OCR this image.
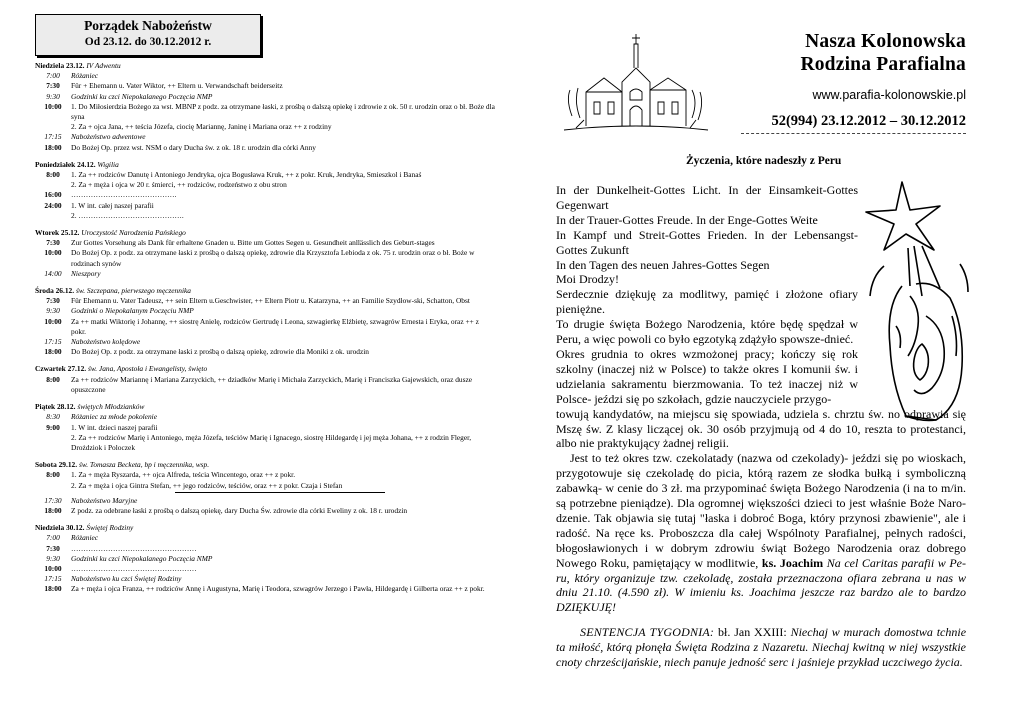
Porządek Nabożeństw
Od 23.12. do 30.12.2012 r.
Niedziela 23.12. IV Adwentu
7:00	Różaniec
7:30	Für + Ehemann u. Vater Wiktor, ++ Eltern u. Verwandschaft beiderseitz
9:30	Godzinki ku czci Niepokalanego Poczęcia NMP
10:00	1. Do Miłosierdzia Bożego za wst. MBNP z podz. za otrzymane łaski, z prośbą o dalszą opiekę i zdrowie z ok. 50 r. urodzin oraz o bł. Boże dla syna
2. Za + ojca Jana, ++ teścia Józefa, ciocię Mariannę, Janinę i Mariana oraz ++ z rodziny
17:15	Nabożeństwo adwentowe
18:00	Do Bożej Op. przez wst. NSM o dary Ducha św. z ok. 18 r. urodzin dla córki Anny
Poniedziałek 24.12. Wigilia
8:00	1. Za ++ rodziców Danutę i Antoniego Jendryka, ojca Bogusława Kruk, ++ z pokr. Kruk, Jendryka, Smieszkol i Banaś
2. Za + męża i ojca w 20 r. śmierci, ++ rodziców, rodzeństwo z obu stron
16:00	…………………………………….
24:00	1. W int. całej naszej parafii
2. …………………………………….
Wtorek 25.12. Uroczystość Narodzenia Pańskiego
7:30	Zur Gottes Vorsehung als Dank für erhaltene Gnaden u. Bitte um Gottes Segen u. Gesundheit anllässlich des Geburt-stages
10:00	Do Bożej Op. z podz. za otrzymane łaski z prośbą o dalszą opiekę, zdrowie dla Krzysztofa Lebioda z ok. 75 r. urodzin oraz o bł. Boże w rodzinach synów
14:00	Nieszpory
Środa 26.12. św. Szczepana, pierwszego męczennika
7:30	Für Ehemann u. Vater Tadeusz, ++ sein Eltern u.Geschwister, ++ Eltern Piotr u. Katarzyna, ++ an Familie Szydłow-ski, Schatton, Obst
9:30	Godzinki o Niepokalanym Poczęciu NMP
10:00	Za ++ matki Wiktorię i Johannę, ++ siostrę Anielę, rodziców Gertrudę i Leona, szwagierkę Elżbietę, szwagrów Ernesta i Eryka, oraz ++ z pokr.
17:15	Nabożeństwo kolędowe
18:00	Do Bożej Op. z podz. za otrzymane łaski z prośbą o dalszą opiekę, zdrowie dla Moniki z ok. urodzin
Czwartek 27.12. św. Jana, Apostoła i Ewangelisty, święto
8:00	Za ++ rodziców Mariannę i Mariana Zarzyckich, ++ dziadków Marię i Michała Zarzyckich, Marię i Franciszka Gajewskich, oraz dusze opuszczone
Piątek 28.12. świętych Młodzianków
8:30	Różaniec za młode pokolenie
9:00	1. W int. dzieci naszej parafii
2. Za ++ rodziców Marię i Antoniego, męża Józefa, teściów Marię i Ignacego, siostrę Hildegardę i jej męża Johana, ++ z rodzin Fleger, Drożdziok i Poloczek
Sobota 29.12. św. Tomasza Becketa, bp i męczennika, wsp.
8:00	1. Za + męża Ryszarda, ++ ojca Alfreda, teścia Wincentego, oraz ++ z pokr.
2. Za + męża i ojca Gintra Stefan, ++ jego rodziców, teściów, oraz ++ z pokr. Czaja i Stefan
17:30	Nabożeństwo Maryjne
18:00	Z podz. za odebrane łaski z prośbą o dalszą opiekę, dary Ducha Św. zdrowie dla córki Eweliny z ok. 18 r. urodzin
Niedziela 30.12. Świętej Rodziny
7:00	Różaniec
7:30	……………………………………………
9:30	Godzinki ku czci Niepokalanego Poczęcia NMP
10:00	……………………………………………
17:15	Nabożeństwo ku czci Świętej Rodziny
18:00	Za + męża i ojca Franza, ++ rodziców Annę i Augustyna, Marię i Teodora, szwagrów Jerzego i Pawła, Hildegardę i Gilberta oraz ++ z pokr.
Nasza Kolonowska
Rodzina Parafialna
www.parafia-kolonowskie.pl
52(994) 23.12.2012 – 30.12.2012
Życzenia, które nadeszły z Peru

In der Dunkelheit-Gottes Licht. In der Einsamkeit-Gottes Gegenwart

In der Trauer-Gottes Freude. In der Enge-Gottes Weite

In Kampf und Streit-Gottes Frieden. In der Lebensangst-Gottes Zukunft

In den Tagen des neuen Jahres-Gottes Segen

Moi Drodzy!

Serdecznie dziękuję za modlitwy, pamięć i złożone ofiary pieniężne.

To drugie święta Bożego Narodzenia, które będę spędzał w Peru, a więc powoli co było egzotyką zdążyło spowsze-dnieć.

Okres grudnia to okres wzmożonej pracy; kończy się rok szkolny (inaczej niż w Polsce) to także okres I komunii św. i udzielania sakramentu bierzmowania. To też inaczej niż w Polsce- jeździ się po szkołach, gdzie nauczyciele przygo-

towują kandydatów, na miejscu się spowiada, udziela s. chrztu św. no odprawia się Mszę św. Z klasy liczącej ok. 30 osób przyjmują od 4 do 10, reszta to protestanci, albo nie praktykujący żadnej religii.

Jest to też okres tzw. czekolatady (nazwa od czekolady)- jeździ się po wioskach, przygotowuje się czekoladę do picia, którą razem ze słodka bułką i symboliczną zabawką- w cenie do 3 zł. ma przypominać święta Bożego Narodzenia (i na to m/in. są potrzebne pieniądze). Dla ogromnej większości dzieci to jest właśnie Boże Naro-dzenie. Tak objawia się tutaj "łaska i dobroć Boga, który przynosi zbawienie", ale i radość. Na ręce ks. Proboszcza dla całej Wspólnoty Parafialnej, pełnych radości, błogosławionych i w dobrym zdrowiu świąt Bożego Narodzenia oraz dobrego Nowego Roku, pamiętający w modlitwie, ks. Joachim Na cel Caritas parafii w Pe-ru, który organizuje tzw. czekoladę, została przeznaczona ofiara zebrana u nas w dniu 21.10. (4.590 zł). W imieniu ks. Joachima jeszcze raz bardzo ale to bardzo DZIĘKUJĘ!

SENTENCJA TYGODNIA: bł. Jan XXIII: Niechaj w murach domostwa tchnie ta miłość, którą płonęła Święta Rodzina z Nazaretu. Niechaj kwitną w niej wszystkie cnoty chrześcijańskie, niech panuje jedność serc i jaśnieje przykład uczciwego życia.
